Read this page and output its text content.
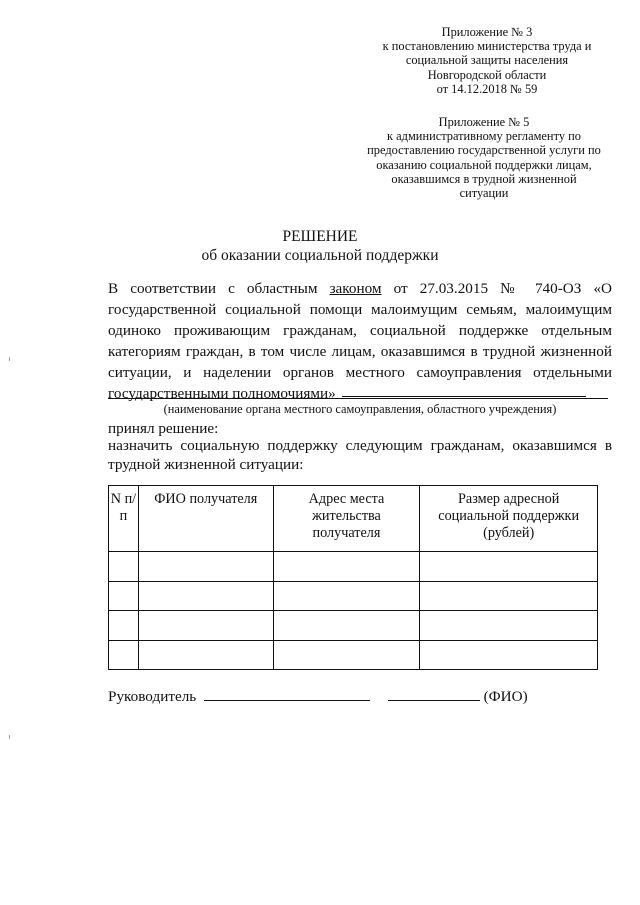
Приложение № 3
к постановлению министерства труда и
социальной защиты населения
Новгородской области
от 14.12.2018 № 59
Приложение № 5
к административному регламенту по
предоставлению государственной услуги по
оказанию социальной поддержки лицам,
оказавшимся в трудной жизненной
ситуации
РЕШЕНИЕ
об оказании социальной поддержки
В соответствии с областным законом от 27.03.2015 № 740-ОЗ «О
государственной социальной помощи малоимущим семьям, малоимущим
одиноко проживающим гражданам, социальной поддержке отдельным
категориям граждан, в том числе лицам, оказавшимся в трудной жизненной
ситуации, и наделении органов местного самоуправления отдельными
государственными полномочиями»
(наименование органа местного самоуправления, областного учреждения)
принял решение:
назначить социальную поддержку следующим гражданам, оказавшимся в
трудной жизненной ситуации:
N п/п	ФИО получателя	Адрес места жительства получателя	Размер адресной социальной поддержки (рублей)

Руководитель	(ФИО)
